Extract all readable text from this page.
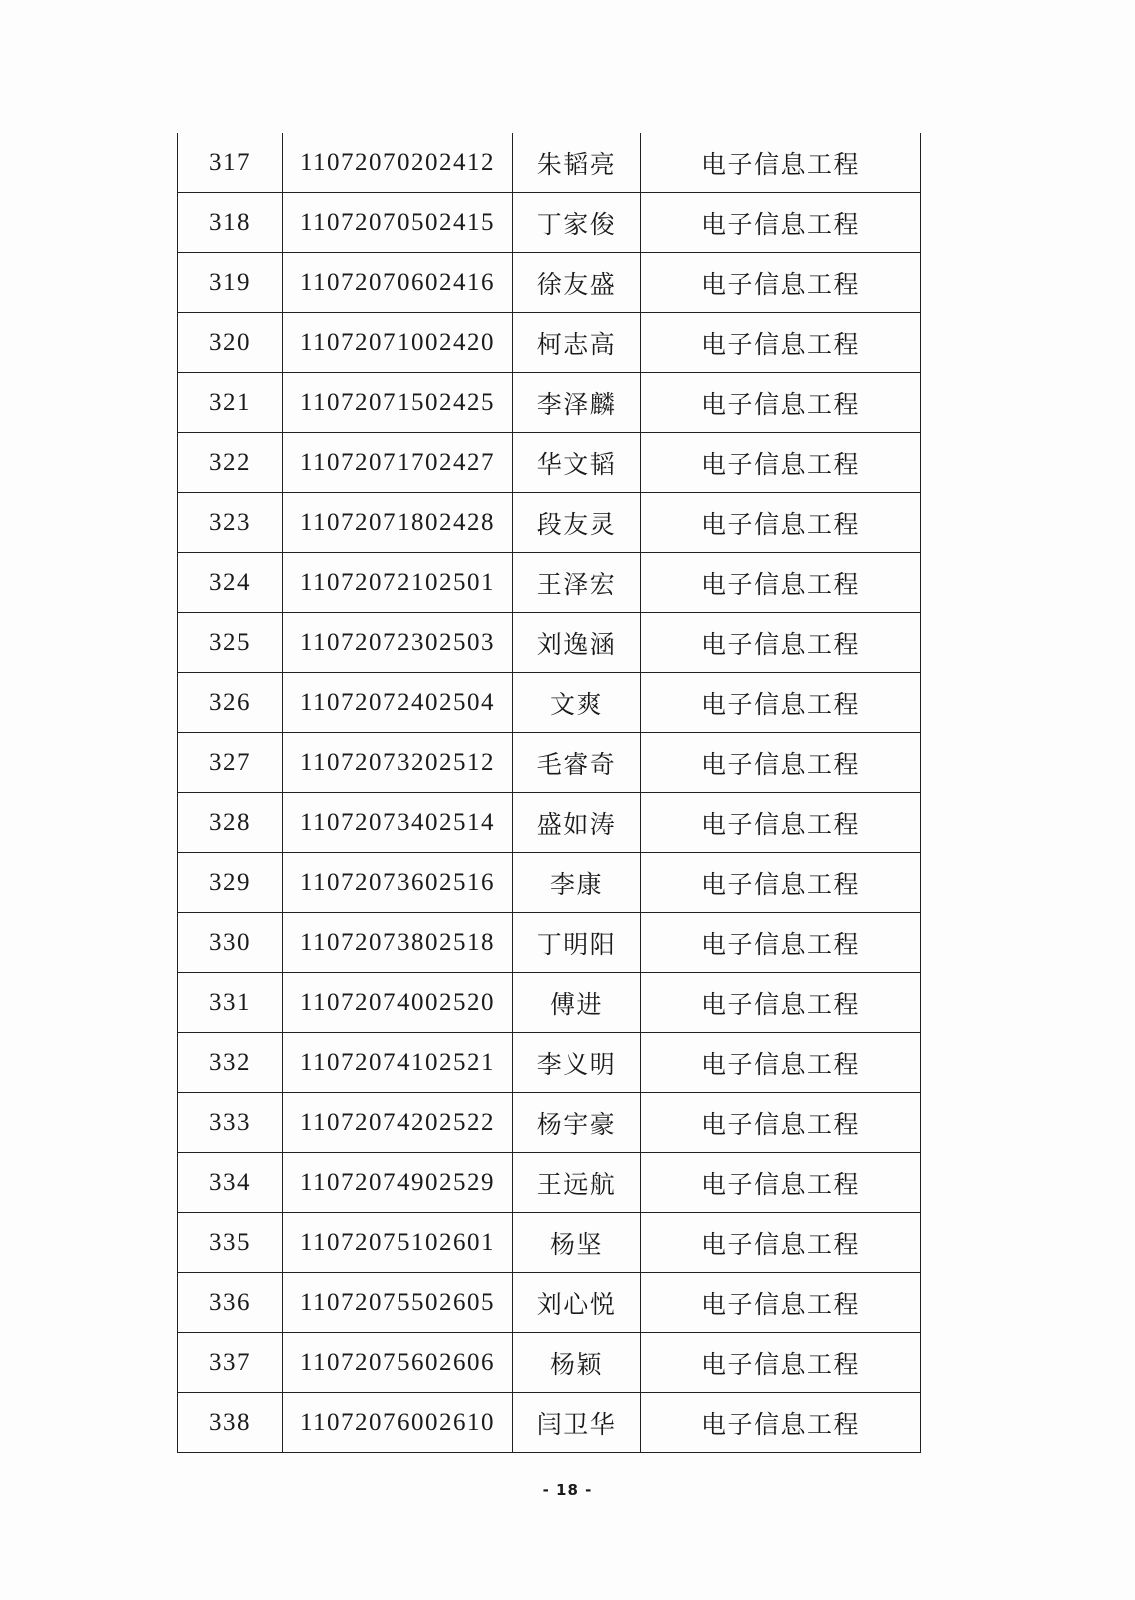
317	11072070202412	朱韬亮	电子信息工程
318	11072070502415	丁家俊	电子信息工程
319	11072070602416	徐友盛	电子信息工程
320	11072071002420	柯志高	电子信息工程
321	11072071502425	李泽麟	电子信息工程
322	11072071702427	华文韬	电子信息工程
323	11072071802428	段友灵	电子信息工程
324	11072072102501	王泽宏	电子信息工程
325	11072072302503	刘逸涵	电子信息工程
326	11072072402504	文爽	电子信息工程
327	11072073202512	毛睿奇	电子信息工程
328	11072073402514	盛如涛	电子信息工程
329	11072073602516	李康	电子信息工程
330	11072073802518	丁明阳	电子信息工程
331	11072074002520	傅进	电子信息工程
332	11072074102521	李义明	电子信息工程
333	11072074202522	杨宇豪	电子信息工程
334	11072074902529	王远航	电子信息工程
335	11072075102601	杨坚	电子信息工程
336	11072075502605	刘心悦	电子信息工程
337	11072075602606	杨颖	电子信息工程
338	11072076002610	闫卫华	电子信息工程
- 18 -
